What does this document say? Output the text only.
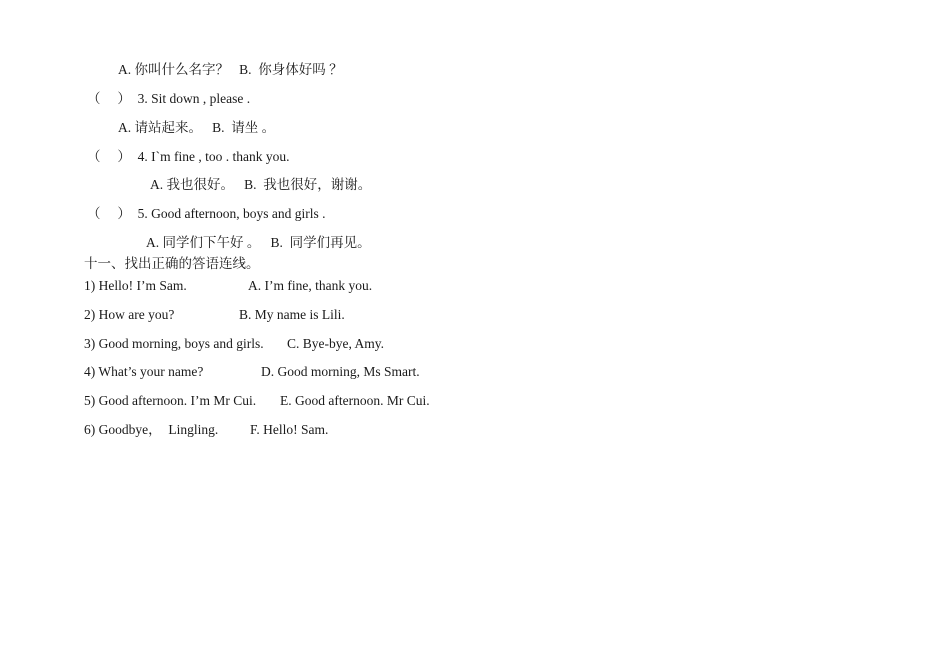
A. 你叫什么名字？   B.  你身体好吗 ？
（     ）  3. Sit down , please .
A. 请站起来。   B.  请坐 。
（     ）  4. I`m fine , too . thank you.
A. 我也很好。   B.  我也很好，谢谢。
（     ）  5. Good afternoon, boys and girls .
A. 同学们下午好 。   B.  同学们再见。
十一、找出正确的答语连线。
1) Hello! I’m Sam.	A. I’m fine, thank you.
2) How are you?	B. My name is Lili.
3) Good morning, boys and girls. C. Bye-bye, Amy.
4) What’s your name?	D. Good morning, Ms Smart.
5) Good afternoon. I’m Mr Cui. E. Good afternoon. Mr Cui.
6) Goodbye，  Lingling. F. Hello! Sam.
